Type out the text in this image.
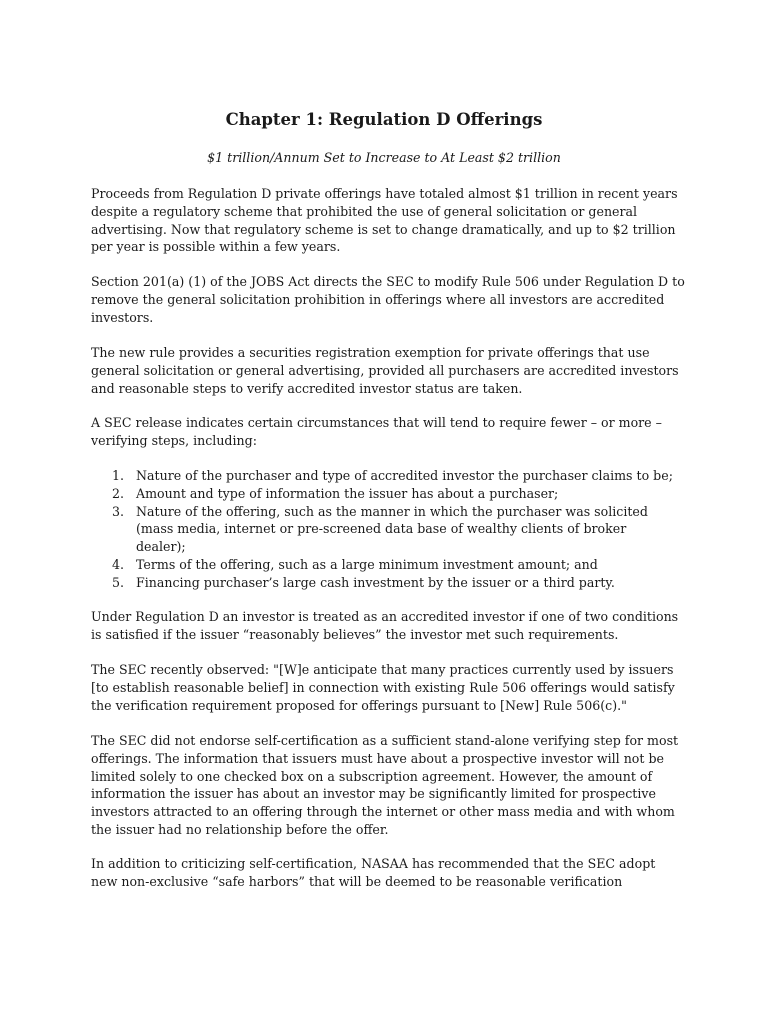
Chapter 1: Regulation D Offerings

$1 trillion/Annum Set to Increase to At Least $2 trillion

Proceeds from Regulation D private offerings have totaled almost $1 trillion in recent years
despite a regulatory scheme that prohibited the use of general solicitation or general
advertising. Now that regulatory scheme is set to change dramatically, and up to $2 trillion
per year is possible within a few years.
Section 201(a) (1) of the JOBS Act directs the SEC to modify Rule 506 under Regulation D to
remove the general solicitation prohibition in offerings where all investors are accredited
investors.
The new rule provides a securities registration exemption for private offerings that use
general solicitation or general advertising, provided all purchasers are accredited investors
and reasonable steps to verify accredited investor status are taken.
A SEC release indicates certain circumstances that will tend to require fewer – or more –
verifying steps, including:
1. Nature of the purchaser and type of accredited investor the purchaser claims to be;
2. Amount and type of information the issuer has about a purchaser;
3. Nature of the offering, such as the manner in which the purchaser was solicited
(mass media, internet or pre-screened data base of wealthy clients of broker
dealer);
4. Terms of the offering, such as a large minimum investment amount; and
5. Financing purchaser’s large cash investment by the issuer or a third party.
Under Regulation D an investor is treated as an accredited investor if one of two conditions
is satisfied if the issuer “reasonably believes” the investor met such requirements.
The SEC recently observed: "[W]e anticipate that many practices currently used by issuers
[to establish reasonable belief] in connection with existing Rule 506 offerings would satisfy
the verification requirement proposed for offerings pursuant to [New] Rule 506(c)."
The SEC did not endorse self-certification as a sufficient stand-alone verifying step for most
offerings. The information that issuers must have about a prospective investor will not be
limited solely to one checked box on a subscription agreement. However, the amount of
information the issuer has about an investor may be significantly limited for prospective
investors attracted to an offering through the internet or other mass media and with whom
the issuer had no relationship before the offer.
In addition to criticizing self-certification, NASAA has recommended that the SEC adopt
new non-exclusive “safe harbors” that will be deemed to be reasonable verification
